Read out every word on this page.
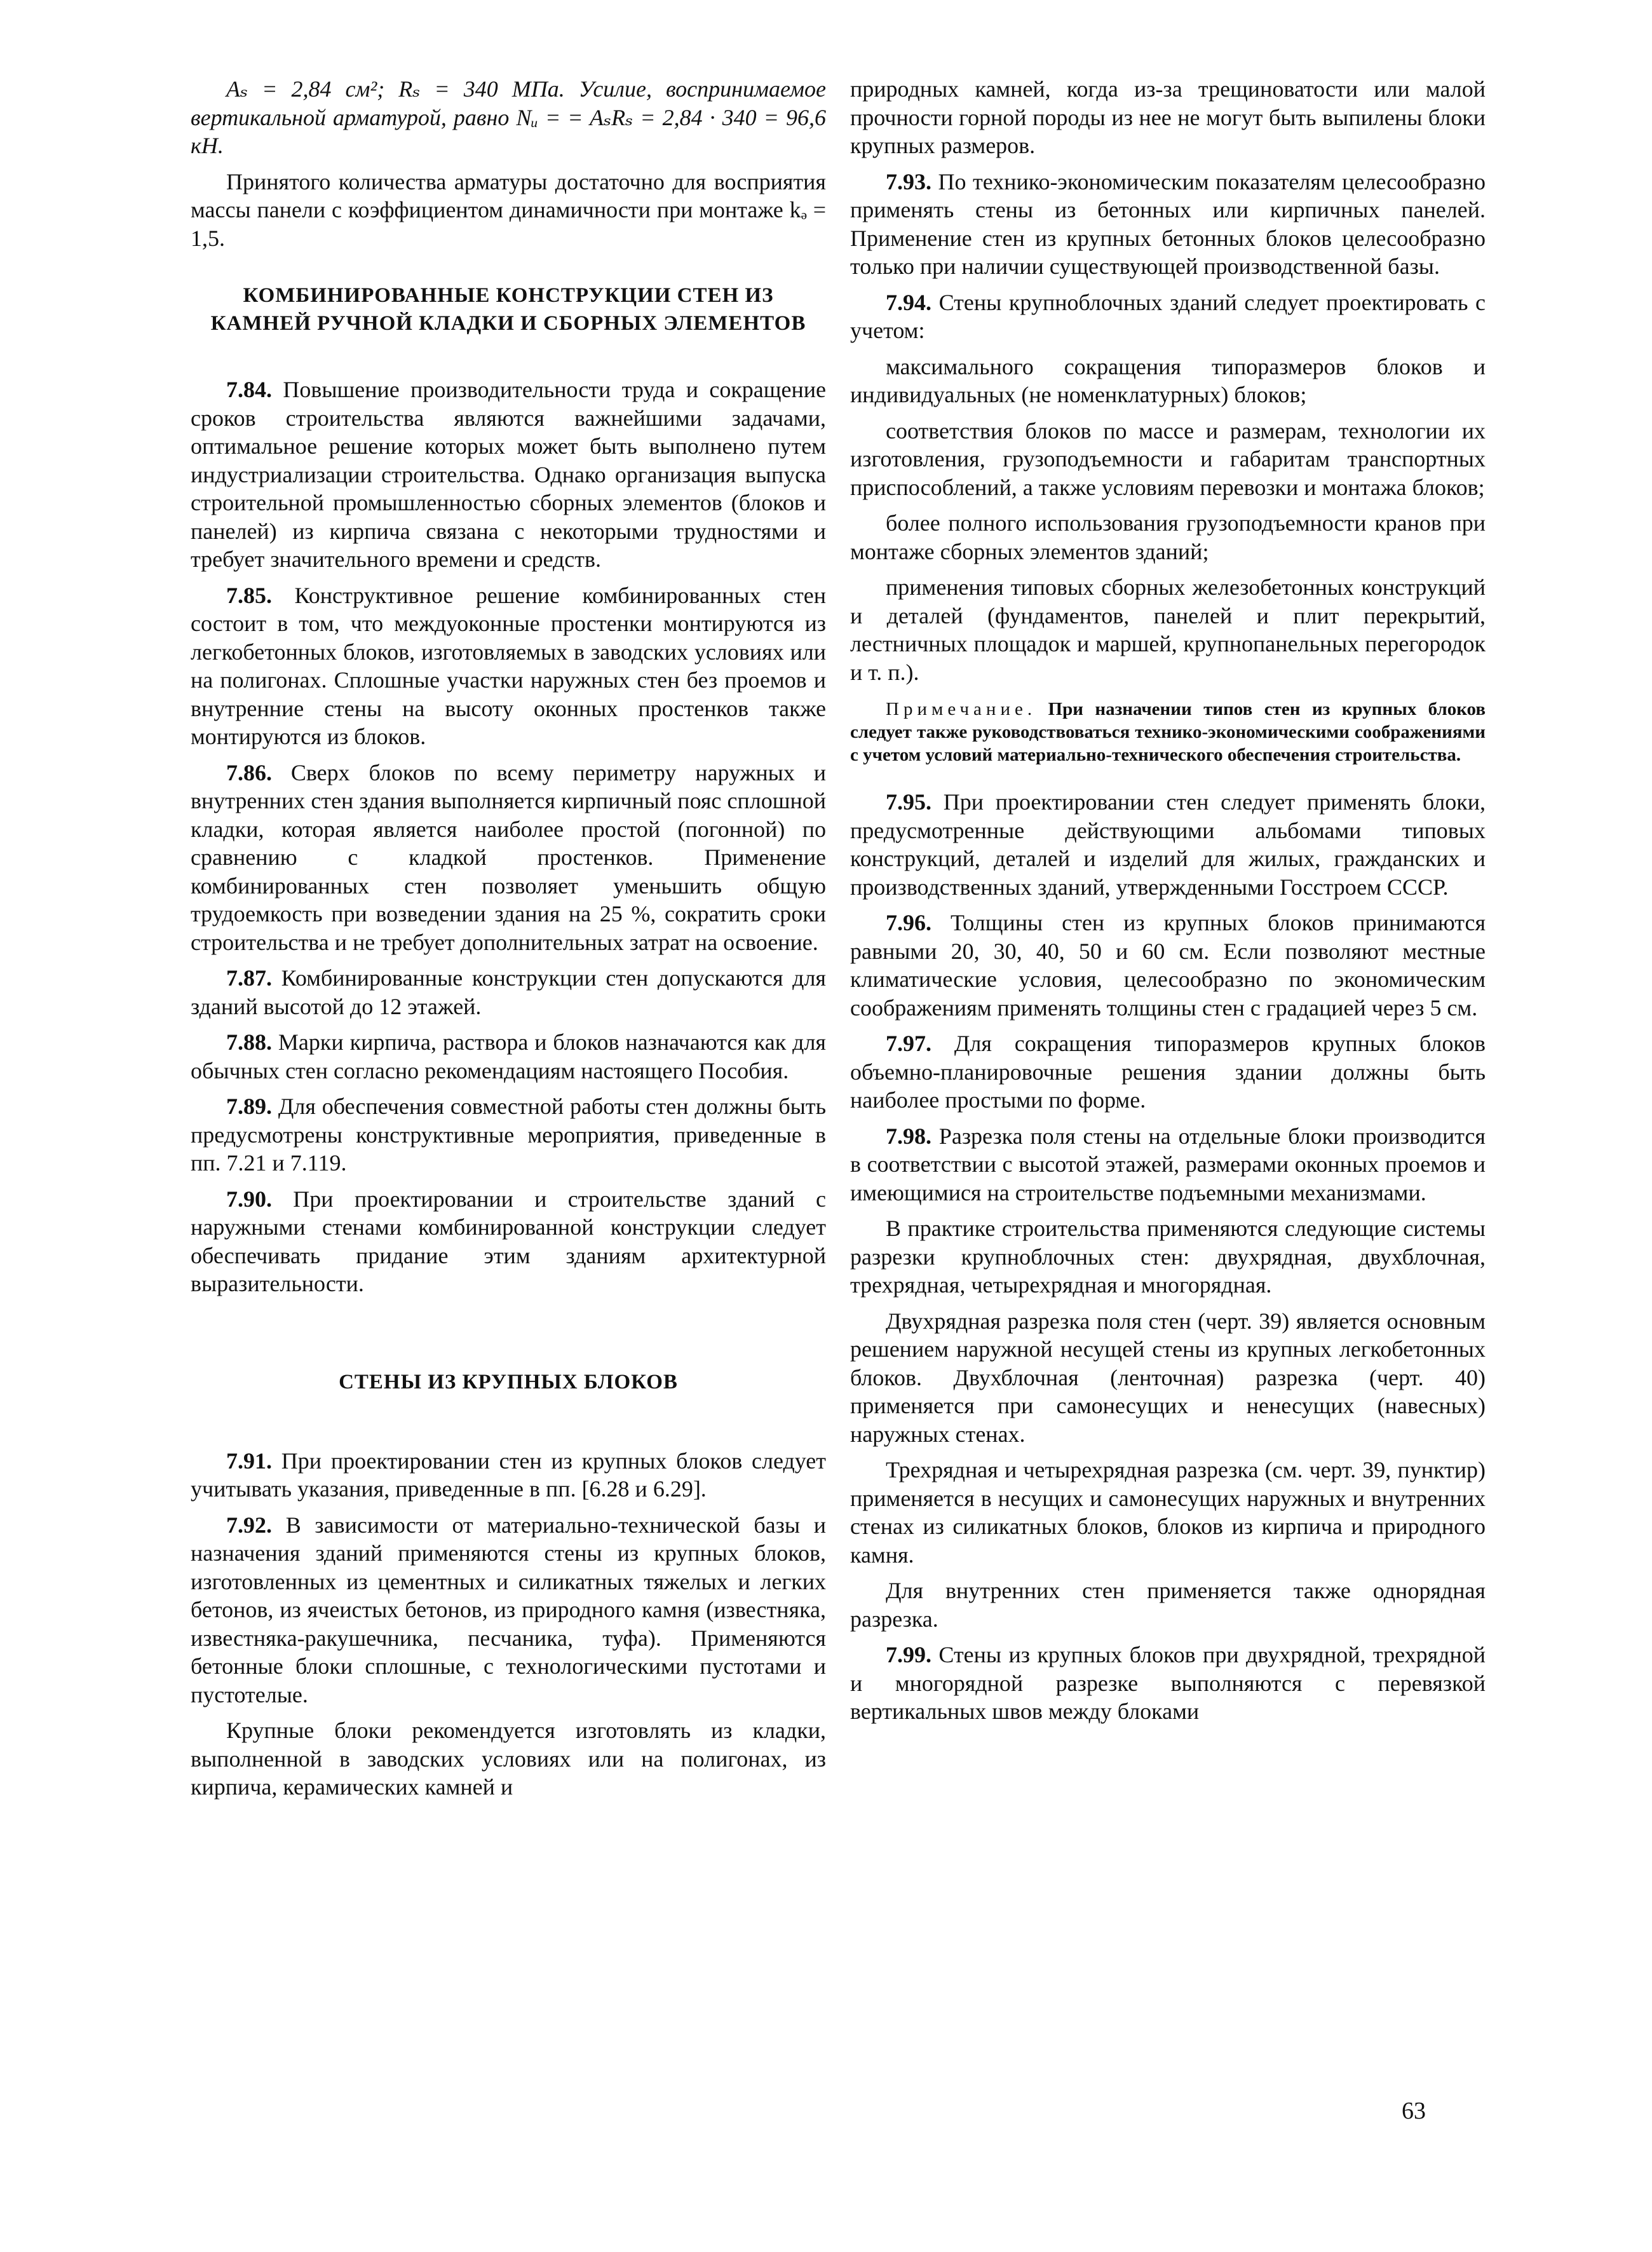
Aₛ = 2,84 см²; Rₛ = 340 МПа. Усилие, воспринимаемое вертикальной арматурой, равно Nᵤ = = AₛRₛ = 2,84 · 340 = 96,6 кН.

Принятого количества арматуры достаточно для восприятия массы панели с коэффициентом динамичности при монтаже kₔ = 1,5.

КОМБИНИРОВАННЫЕ КОНСТРУКЦИИ СТЕН ИЗ КАМНЕЙ РУЧНОЙ КЛАДКИ И СБОРНЫХ ЭЛЕМЕНТОВ

7.84. Повышение производительности труда и сокращение сроков строительства являются важнейшими задачами, оптимальное решение которых может быть выполнено путем индустриализации строительства. Однако организация выпуска строительной промышленностью сборных элементов (блоков и панелей) из кирпича связана с некоторыми трудностями и требует значительного времени и средств.

7.85. Конструктивное решение комбинированных стен состоит в том, что междуоконные простенки монтируются из легкобетонных блоков, изготовляемых в заводских условиях или на полигонах. Сплошные участки наружных стен без проемов и внутренние стены на высоту оконных простенков также монтируются из блоков.

7.86. Сверх блоков по всему периметру наружных и внутренних стен здания выполняется кирпичный пояс сплошной кладки, которая является наиболее простой (погонной) по сравнению с кладкой простенков. Применение комбинированных стен позволяет уменьшить общую трудоемкость при возведении здания на 25 %, сократить сроки строительства и не требует дополнительных затрат на освоение.

7.87. Комбинированные конструкции стен допускаются для зданий высотой до 12 этажей.

7.88. Марки кирпича, раствора и блоков назначаются как для обычных стен согласно рекомендациям настоящего Пособия.

7.89. Для обеспечения совместной работы стен должны быть предусмотрены конструктивные мероприятия, приведенные в пп. 7.21 и 7.119.

7.90. При проектировании и строительстве зданий с наружными стенами комбинированной конструкции следует обеспечивать придание этим зданиям архитектурной выразительности.

СТЕНЫ ИЗ КРУПНЫХ БЛОКОВ

7.91. При проектировании стен из крупных блоков следует учитывать указания, приведенные в пп. [6.28 и 6.29].

7.92. В зависимости от материально-технической базы и назначения зданий применяются стены из крупных блоков, изготовленных из цементных и силикатных тяжелых и легких бетонов, из ячеистых бетонов, из природного камня (известняка, известняка-ракушечника, песчаника, туфа). Применяются бетонные блоки сплошные, с технологическими пустотами и пустотелые.

Крупные блоки рекомендуется изготовлять из кладки, выполненной в заводских условиях или на полигонах, из кирпича, керамических камней и

природных камней, когда из-за трещиноватости или малой прочности горной породы из нее не могут быть выпилены блоки крупных размеров.

7.93. По технико-экономическим показателям целесообразно применять стены из бетонных или кирпичных панелей. Применение стен из крупных бетонных блоков целесообразно только при наличии существующей производственной базы.

7.94. Стены крупноблочных зданий следует проектировать с учетом:

максимального сокращения типоразмеров блоков и индивидуальных (не номенклатурных) блоков;

соответствия блоков по массе и размерам, технологии их изготовления, грузоподъемности и габаритам транспортных приспособлений, а также условиям перевозки и монтажа блоков;

более полного использования грузоподъемности кранов при монтаже сборных элементов зданий;

применения типовых сборных железобетонных конструкций и деталей (фундаментов, панелей и плит перекрытий, лестничных площадок и маршей, крупнопанельных перегородок и т. п.).

Примечание. При назначении типов стен из крупных блоков следует также руководствоваться технико-экономическими соображениями с учетом условий материально-технического обеспечения строительства.

7.95. При проектировании стен следует применять блоки, предусмотренные действующими альбомами типовых конструкций, деталей и изделий для жилых, гражданских и производственных зданий, утвержденными Госстроем СССР.

7.96. Толщины стен из крупных блоков принимаются равными 20, 30, 40, 50 и 60 см. Если позволяют местные климатические условия, целесообразно по экономическим соображениям применять толщины стен с градацией через 5 см.

7.97. Для сокращения типоразмеров крупных блоков объемно-планировочные решения здании должны быть наиболее простыми по форме.

7.98. Разрезка поля стены на отдельные блоки производится в соответствии с высотой этажей, размерами оконных проемов и имеющимися на строительстве подъемными механизмами.

В практике строительства применяются следующие системы разрезки крупноблочных стен: двухрядная, двухблочная, трехрядная, четырехрядная и многорядная.

Двухрядная разрезка поля стен (черт. 39) является основным решением наружной несущей стены из крупных легкобетонных блоков. Двухблочная (ленточная) разрезка (черт. 40) применяется при самонесущих и ненесущих (навесных) наружных стенах.

Трехрядная и четырехрядная разрезка (см. черт. 39, пунктир) применяется в несущих и самонесущих наружных и внутренних стенах из силикатных блоков, блоков из кирпича и природного камня.

Для внутренних стен применяется также однорядная разрезка.

7.99. Стены из крупных блоков при двухрядной, трехрядной и многорядной разрезке выполняются с перевязкой вертикальных швов между блоками

63
